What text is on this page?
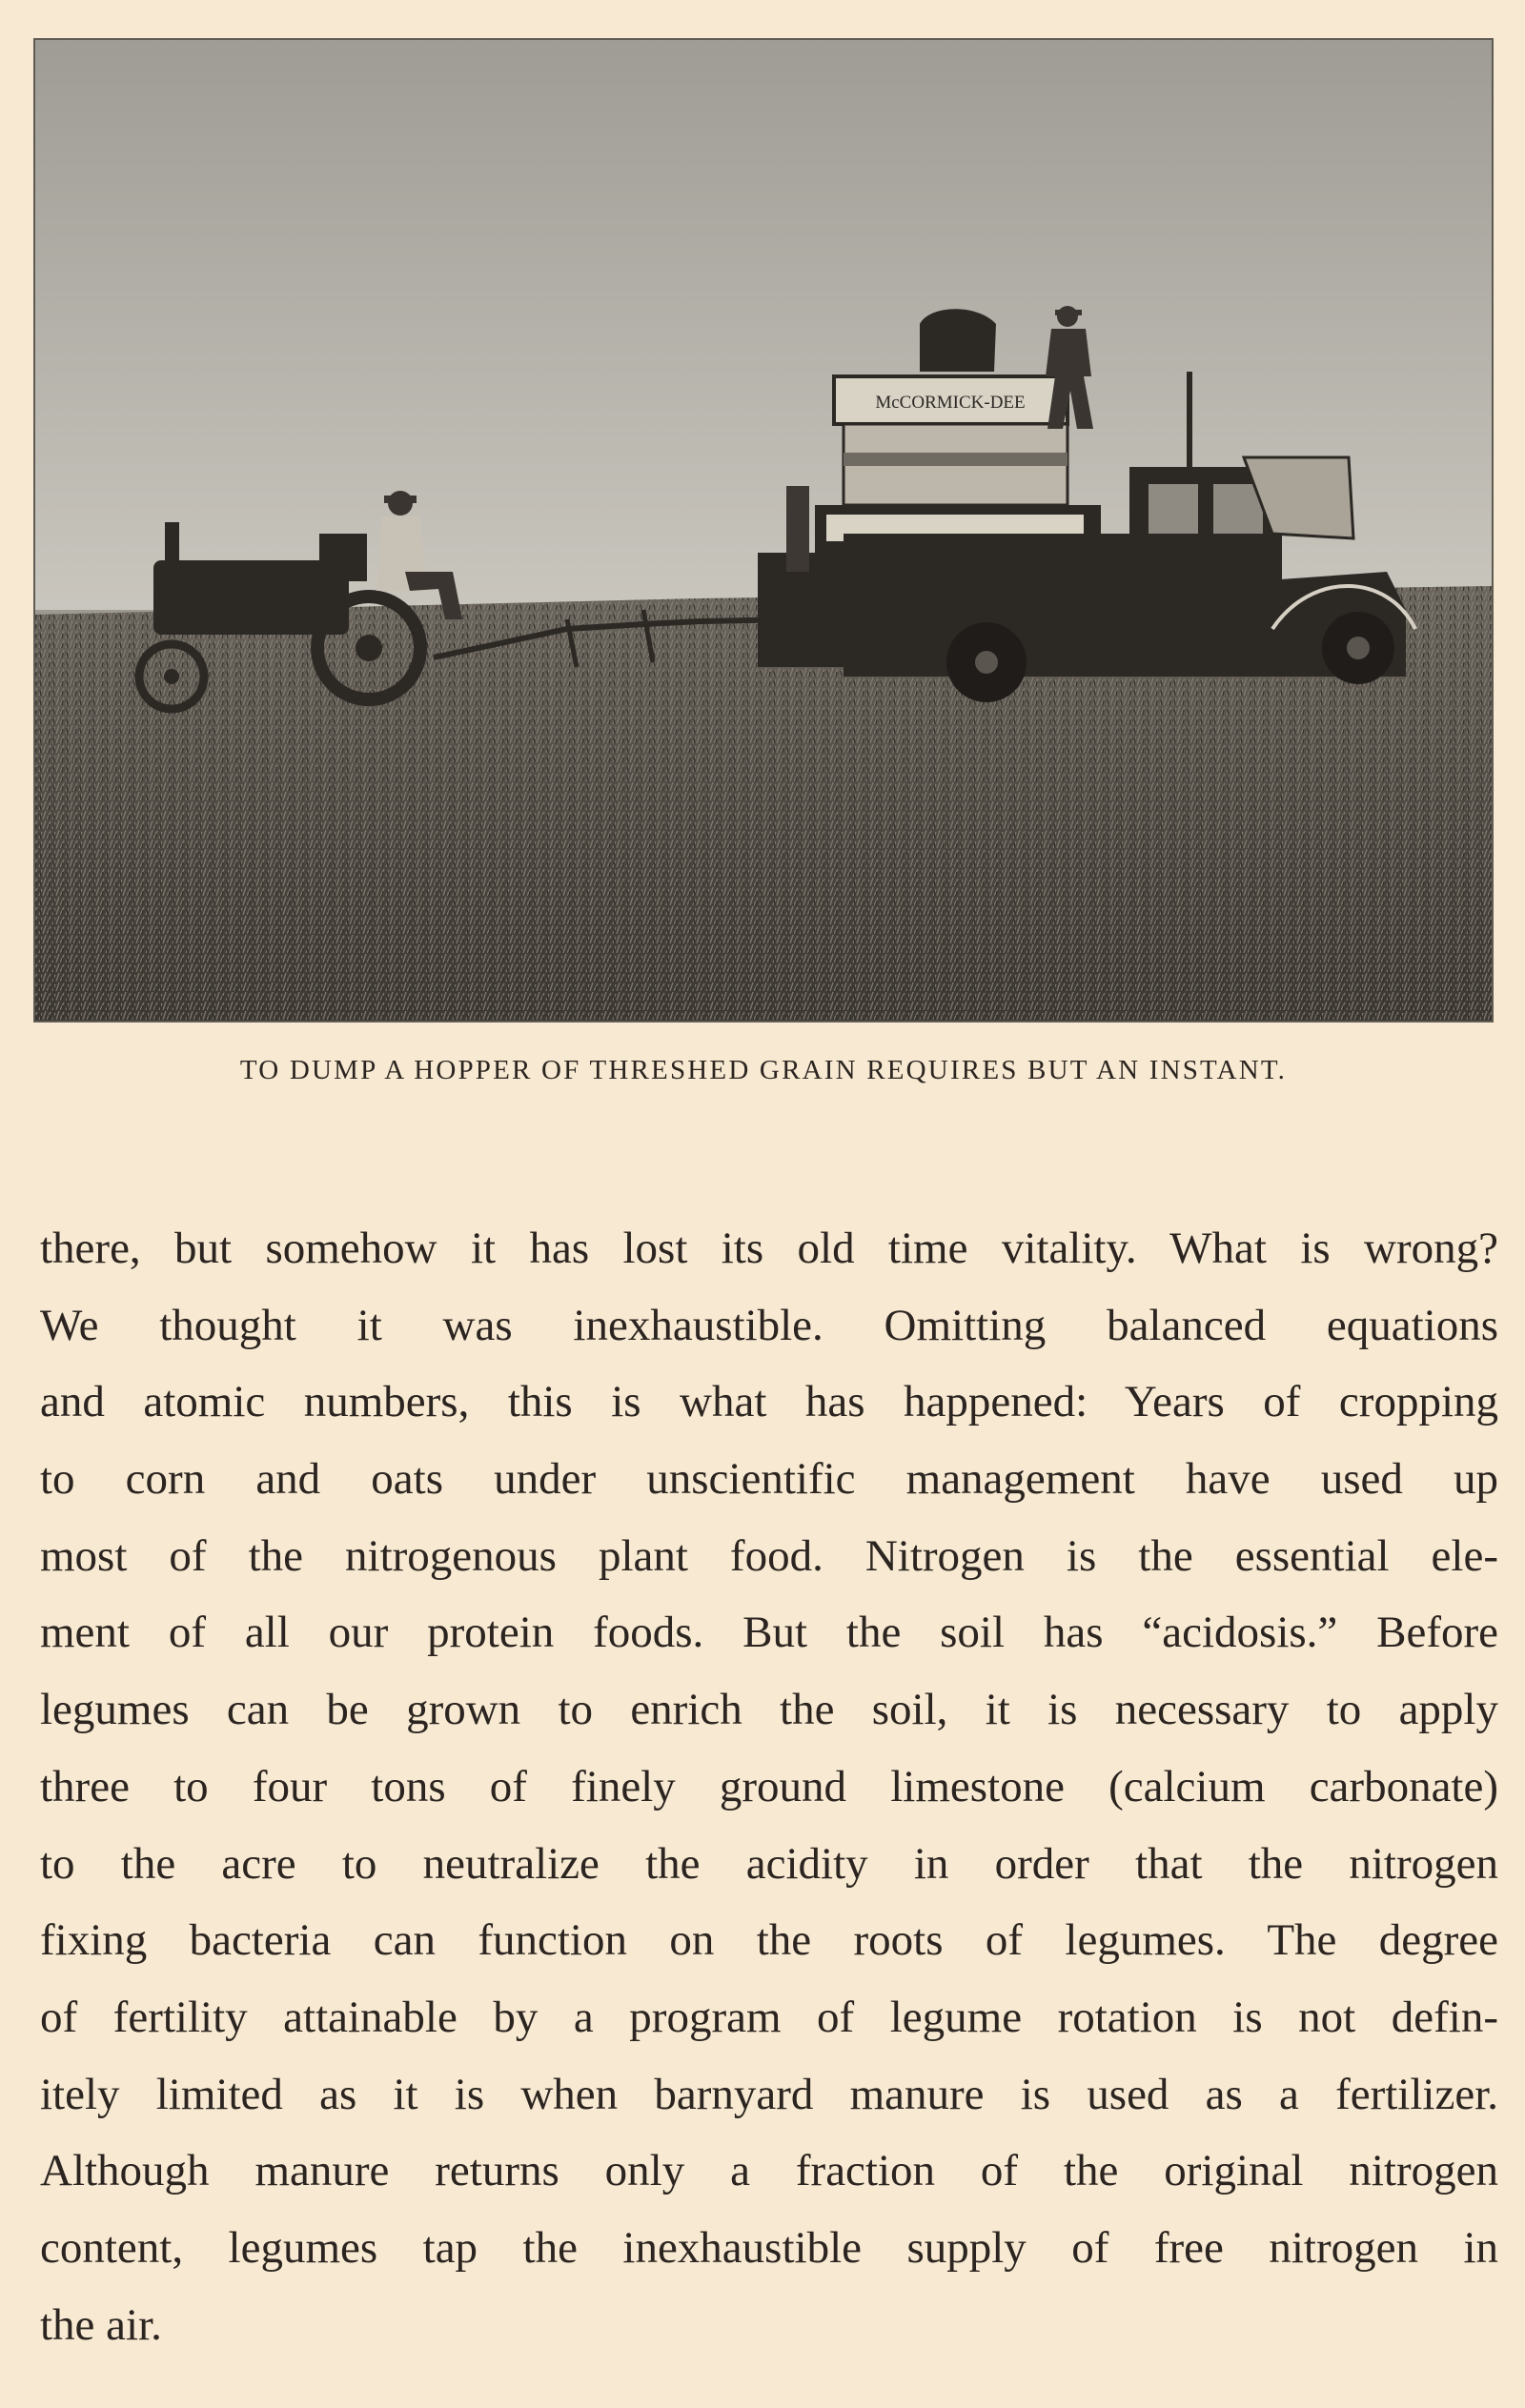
McCORMICK-DEE
TO DUMP A HOPPER OF THRESHED GRAIN REQUIRES BUT AN INSTANT.
there, but somehow it has lost its old time vitality. What is wrong?
We thought it was inexhaustible. Omitting balanced equations
and atomic numbers, this is what has happened: Years of cropping
to corn and oats under unscientific management have used up
most of the nitrogenous plant food. Nitrogen is the essential ele-
ment of all our protein foods. But the soil has “acidosis.” Before
legumes can be grown to enrich the soil, it is necessary to apply
three to four tons of finely ground limestone (calcium carbonate)
to the acre to neutralize the acidity in order that the nitrogen
fixing bacteria can function on the roots of legumes. The degree
of fertility attainable by a program of legume rotation is not defin-
itely limited as it is when barnyard manure is used as a fertilizer.
Although manure returns only a fraction of the original nitrogen
content, legumes tap the inexhaustible supply of free nitrogen in
the air.
